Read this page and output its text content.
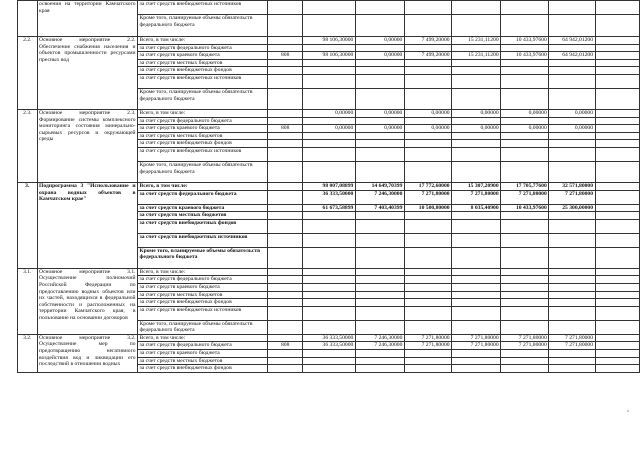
	освоения на территории Камчатского края	за счет средств внебюджетных источников								
		Кроме того, планируемые объемы обязательств федерального бюджета								
2.2.	Основное мероприятие 2.2. Обеспечение снабжения населения и объектов промышленности ресурсами пресных вод	Всего, в том числе:		98 106,30000	0,00000	7 499,20000	15 231,11200	10 433,97600	64 942,01200	
		за счет средств федерального бюджета								
		за счет средств краевого бюджета	808	98 106,30000	0,00000	7 499,20000	15 231,11200	10 433,97600	64 942,01200	
		за счет средств местных бюджетов								
		за счет средств внебюджетных фондов								
		за счет средств внебюджетных источников								
		Кроме того, планируемые объемы обязательств федерального бюджета								
2.3.	Основное мероприятие 2.3. Формирование системы комплексного мониторинга состояния минерально-сырьевых ресурсов и окружающей среды	Всего, в том числе:		0,00000	0,00000	0,00000	0,00000	0,00000	0,00000	
		за счет средств федерального бюджета								
		за счет средств краевого бюджета	808	0,00000	0,00000	0,00000	0,00000	0,00000	0,00000	
		за счет средств местных бюджетов								
		за счет средств внебюджетных фондов								
		за счет средств внебюджетных источников								
		Кроме того, планируемые объемы обязательств федерального бюджета								
3.	Подпрограмма 3 "Использование и охрана водных объектов в Камчатском крае"	Всего, в том числе:		98 007,08899	14 649,70399	17 772,60000	15 307,20900	17 705,77600	32 571,80000	
		за счет средств федерального бюджета		36 333,50000	7 246,30000	7 271,80000	7 271,80000	7 271,80000	7 271,80000	
		за счет средств краевого бюджета		61 673,58899	7 403,40399	10 500,80000	8 035,40900	10 433,97600	25 300,00000	
		за счет средств местных бюджетов								
		за счет средств внебюджетных фондов								
		за счет средств внебюджетных источников								
		Кроме того, планируемые объемы обязательств федерального бюджета								
3.1.	Основное мероприятие 3.1. Осуществление полномочий Российской Федерации по предоставлению водных объектов или их частей, находящихся в федеральной собственности и расположенных на территории Камчатского края, в пользование на основании договоров	Всего, в том числе:								
		за счет средств федерального бюджета								
		за счет средств краевого бюджета								
		за счет средств местных бюджетов								
		за счет средств внебюджетных фондов								
		за счет средств внебюджетных источников								
		Кроме того, планируемые объемы обязательств федерального бюджета								
3.2.	Основное мероприятие 3.2. Осуществление мер по предотвращению негативного воздействия вод и ликвидации его последствий в отношении водных	Всего, в том числе:		36 333,50000	7 246,30000	7 271,80000	7 271,80000	7 271,80000	7 271,80000	
		за счет средств федерального бюджета	808	36 333,50000	7 246,30000	7 271,80000	7 271,80000	7 271,80000	7 271,80000	
		за счет средств краевого бюджета								
		за счет средств местных бюджетов								
		за счет средств внебюджетных фондов								
